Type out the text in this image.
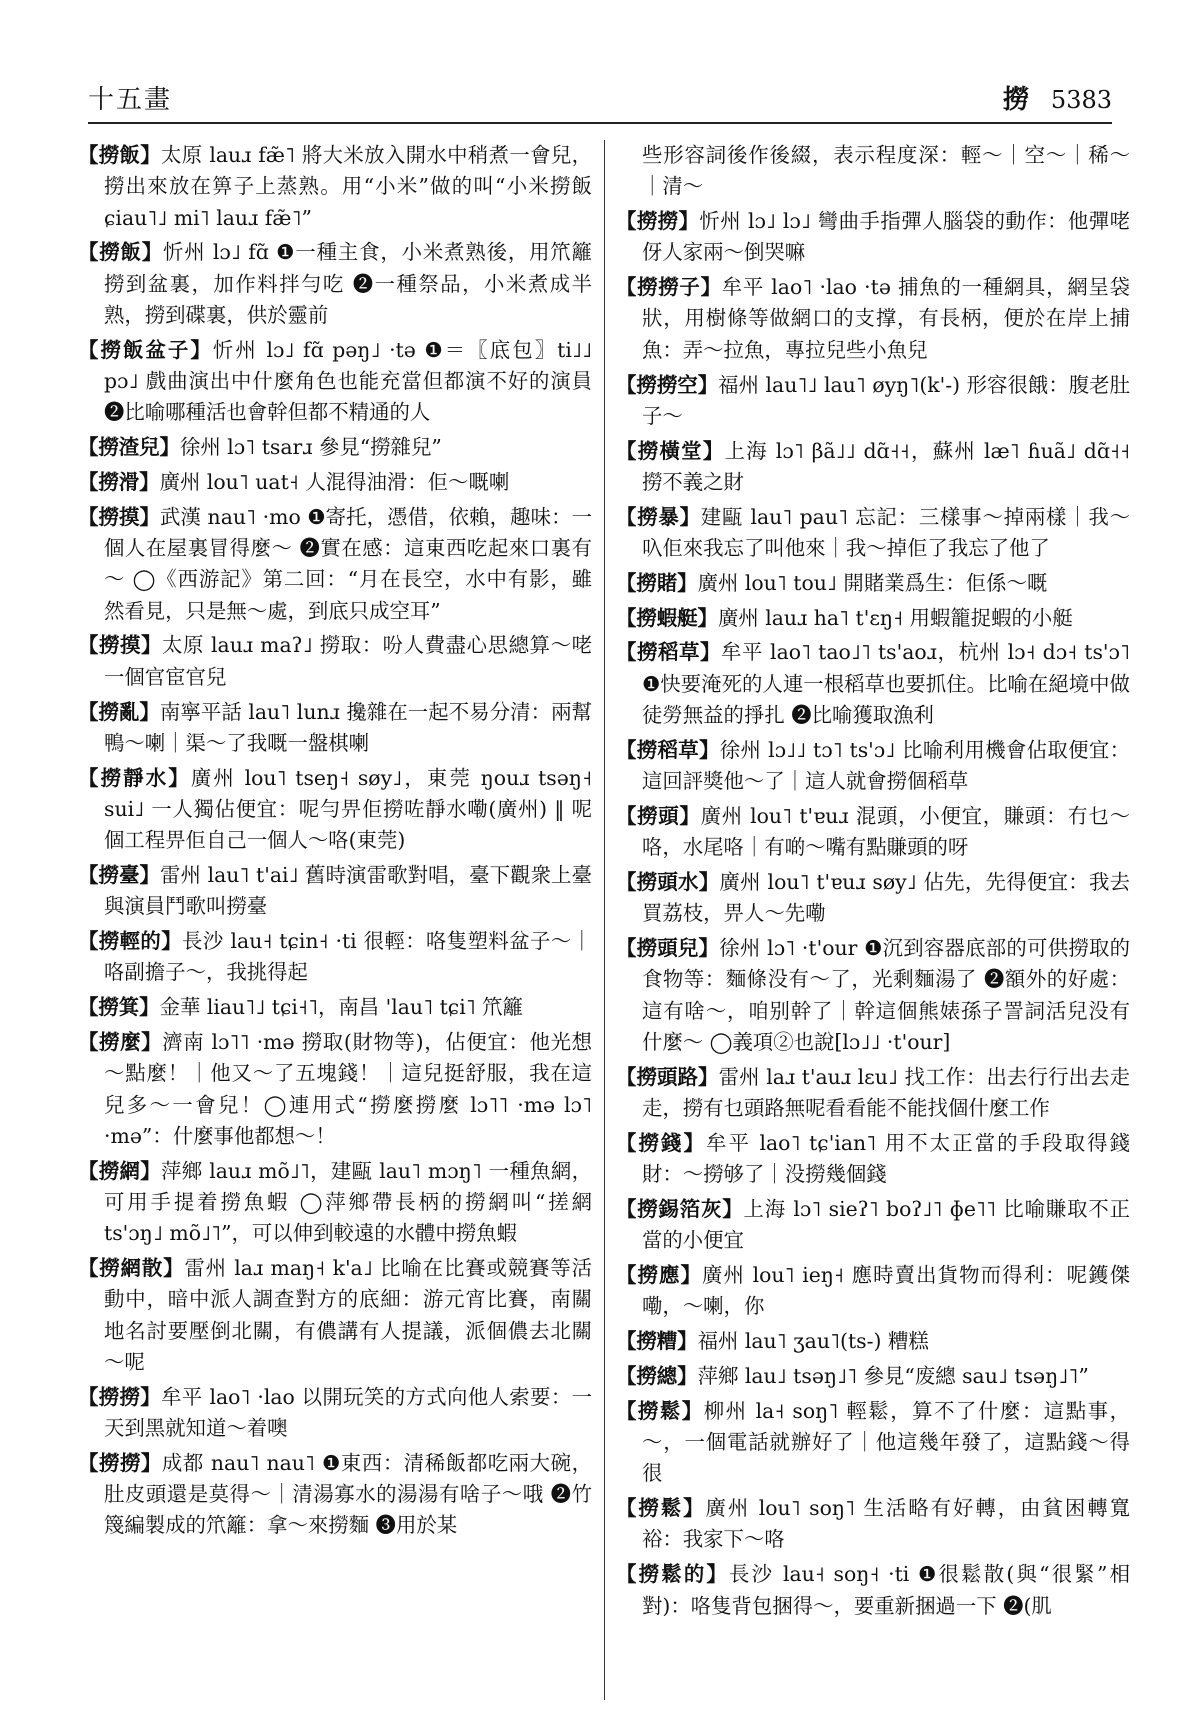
十五畫	撈 5383

【撈飯】太原 lauɹ fæ̃˥ 將大米放入開水中稍煮一會兒，撈出來放在箅子上蒸熟。用“小米”做的叫“小米撈飯 ɕiau˥˩ mi˥ lauɹ fæ̃˥”

【撈飯】忻州 lɔ˩ fɑ̃ ❶一種主食，小米煮熟後，用笊籬撈到盆裏，加作料拌勻吃 ❷一種祭品，小米煮成半熟，撈到碟裏，供於靈前

【撈飯盆子】忻州 lɔ˩ fɑ̃ pəŋ˩ ·tə ❶＝〖底包〗ti˩˩ pɔ˩ 戲曲演出中什麼角色也能充當但都演不好的演員 ❷比喻哪種活也會幹但都不精通的人

【撈渣兒】徐州 lɔ˥ tsarɹ 參見“撈雜兒”

【撈滑】廣州 lou˥ uat˧ 人混得油滑：佢～嘅喇

【撈摸】武漢 nau˥ ·mo ❶寄托，憑借，依賴，趣味：一個人在屋裏冒得麼～ ❷實在感：這東西吃起來口裏有～ ◯《西游記》第二回：“月在長空，水中有影，雖然看見，只是無～處，到底只成空耳”

【撈摸】太原 lauɹ maʔ˩ 撈取：吩人費盡心思總算～咾一個官宦官兒

【撈亂】南寧平話 lau˥ lunɹ 攙雜在一起不易分清：兩幫鴨～喇｜渠～了我嘅一盤棋喇

【撈靜水】廣州 lou˥ tseŋ˧ søy˩，東莞 ŋouɹ tsəŋ˧ sui˩ 一人獨佔便宜：呢勻畀佢撈咗靜水嘞(廣州) ‖ 呢個工程畀佢自己一個人～咯(東莞)

【撈臺】雷州 lau˥ t'ai˩ 舊時演雷歌對唱，臺下觀衆上臺與演員鬥歌叫撈臺

【撈輕的】長沙 lau˧ tɕin˧ ·ti 很輕：咯隻塑料盆子～｜咯副擔子～，我挑得起

【撈箕】金華 liau˥˩ tɕi˧˥，南昌 'lau˥ tɕi˥ 笊籬

【撈麼】濟南 lɔ˥˥ ·mə 撈取(財物等)，佔便宜：他光想～點麼！｜他又～了五塊錢！｜這兒挺舒服，我在這兒多～一會兒！◯連用式“撈麼撈麼 lɔ˥˥ ·mə lɔ˥ ·mə”：什麼事他都想～！

【撈網】萍鄉 lauɹ mõ˩˥，建甌 lau˥ mɔŋ˥ 一種魚網，可用手提着撈魚蝦 ◯萍鄉帶長柄的撈網叫“搓網 ts'ɔŋ˩ mõ˩˥”，可以伸到較遠的水體中撈魚蝦

【撈網散】雷州 laɹ maŋ˧ k'a˩ 比喻在比賽或競賽等活動中，暗中派人調查對方的底細：游元宵比賽，南關地名討要壓倒北關，有儂講有人提議，派個儂去北關～呢

【撈撈】牟平 lao˥ ·lao 以開玩笑的方式向他人索要：一天到黑就知道～着噢

【撈撈】成都 nau˥ nau˥ ❶東西：清稀飯都吃兩大碗，肚皮頭還是莫得～｜清湯寡水的湯湯有啥子～哦 ❷竹篾編製成的笊籬：拿～來撈麵 ❸用於某

些形容詞後作後綴，表示程度深：輕～｜空～｜稀～｜清～

【撈撈】忻州 lɔ˩ lɔ˩ 彎曲手指彈人腦袋的動作：他彈咾伢人家兩～倒哭嘛

【撈撈子】牟平 lao˥ ·lao ·tə 捕魚的一種網具，網呈袋狀，用樹條等做網口的支撑，有長柄，便於在岸上捕魚：弄～拉魚，專拉兒些小魚兒

【撈撈空】福州 lau˥˩ lau˥ øyŋ˥(k'-) 形容很餓：腹老肚子～

【撈橫堂】上海 lɔ˥ βã˩˩ dɑ̃˧˧，蘇州 læ˥ ɦuã˩ dɑ̃˧˧ 撈不義之財

【撈暴】建甌 lau˥ pau˥ 忘記：三樣事～掉兩樣｜我～叺佢來我忘了叫他來｜我～掉佢了我忘了他了

【撈賭】廣州 lou˥ tou˩ 開賭業爲生：佢係～嘅

【撈蝦艇】廣州 lauɹ ha˥ t'ɛŋ˧ 用蝦籠捉蝦的小艇

【撈稻草】牟平 lao˥ tao˩˥ ts'aoɹ，杭州 lɔ˧ dɔ˧ ts'ɔ˥ ❶快要淹死的人連一根稻草也要抓住。比喻在絕境中做徒勞無益的掙扎 ❷比喻獲取漁利

【撈稻草】徐州 lɔ˩˩ tɔ˥ ts'ɔ˩ 比喻利用機會佔取便宜：這回評獎他～了｜這人就會撈個稻草

【撈頭】廣州 lou˥ t'ɐuɹ 混頭，小便宜，賺頭：冇乜～咯，水尾咯｜有啲～嘴有點賺頭的呀

【撈頭水】廣州 lou˥ t'ɐuɹ søy˩ 佔先，先得便宜：我去買荔枝，畀人～先嘞

【撈頭兒】徐州 lɔ˥ ·t'our ❶沉到容器底部的可供撈取的食物等：麵條没有～了，光剩麵湯了 ❷額外的好處：這有啥～，咱别幹了｜幹這個熊婊孫子詈詞活兒没有什麼～ ◯義項②也說[lɔ˩˩ ·t'our]

【撈頭路】雷州 laɹ t'auɹ lɛu˩ 找工作：出去行行出去走走，撈有乜頭路無呢看看能不能找個什麼工作

【撈錢】牟平 lao˥ tɕ'ian˥ 用不太正當的手段取得錢財：～撈够了｜没撈幾個錢

【撈錫箔灰】上海 lɔ˥ sieʔ˥ boʔ˩˥ ɸe˥˥ 比喻賺取不正當的小便宜

【撈應】廣州 lou˥ ieŋ˧ 應時賣出貨物而得利：呢鑊傑嘞，～喇，你

【撈糟】福州 lau˥ ʒau˥(ts-) 糟糕

【撈總】萍鄉 lau˩ tsəŋ˩˥ 參見“废總 sau˩ tsəŋ˩˥”

【撈鬆】柳州 la˧ soŋ˥ 輕鬆，算不了什麼：這點事，～，一個電話就辦好了｜他這幾年發了，這點錢～得很

【撈鬆】廣州 lou˥ soŋ˥ 生活略有好轉，由貧困轉寬裕：我家下～咯

【撈鬆的】長沙 lau˧ soŋ˧ ·ti ❶很鬆散(與“很緊”相對)：咯隻背包捆得～，要重新捆過一下 ❷(肌
